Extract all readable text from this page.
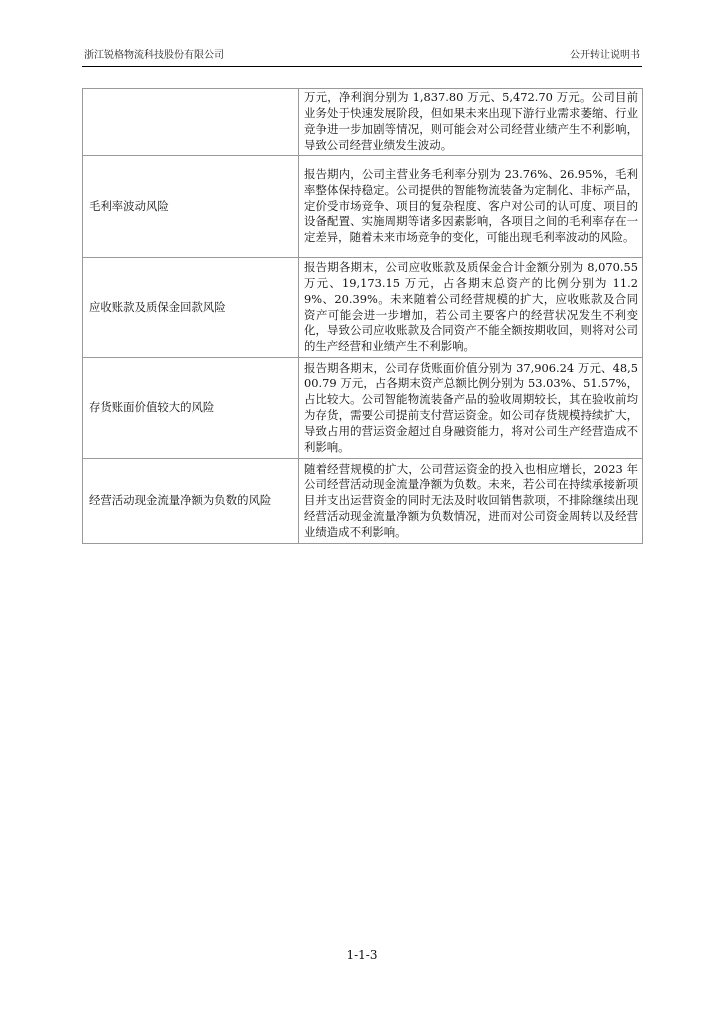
浙江锐格物流科技股份有限公司	公开转让说明书
	万元，净利润分别为 1,837.80 万元、5,472.70 万元。公司目前业务处于快速发展阶段，但如果未来出现下游行业需求萎缩、行业竞争进一步加剧等情况，则可能会对公司经营业绩产生不利影响，导致公司经营业绩发生波动。
毛利率波动风险	报告期内，公司主营业务毛利率分别为 23.76%、26.95%，毛利率整体保持稳定。公司提供的智能物流装备为定制化、非标产品，定价受市场竞争、项目的复杂程度、客户对公司的认可度、项目的设备配置、实施周期等诸多因素影响，各项目之间的毛利率存在一定差异，随着未来市场竞争的变化，可能出现毛利率波动的风险。
应收账款及质保金回款风险	报告期各期末，公司应收账款及质保金合计金额分别为 8,070.55 万元、19,173.15 万元，占各期末总资产的比例分别为 11.29%、20.39%。未来随着公司经营规模的扩大，应收账款及合同资产可能会进一步增加，若公司主要客户的经营状况发生不利变化，导致公司应收账款及合同资产不能全额按期收回，则将对公司的生产经营和业绩产生不利影响。
存货账面价值较大的风险	报告期各期末，公司存货账面价值分别为 37,906.24 万元、48,500.79 万元，占各期末资产总额比例分别为 53.03%、51.57%，占比较大。公司智能物流装备产品的验收周期较长，其在验收前均为存货，需要公司提前支付营运资金。如公司存货规模持续扩大，导致占用的营运资金超过自身融资能力，将对公司生产经营造成不利影响。
经营活动现金流量净额为负数的风险	随着经营规模的扩大，公司营运资金的投入也相应增长，2023 年公司经营活动现金流量净额为负数。未来，若公司在持续承接新项目并支出运营资金的同时无法及时收回销售款项，不排除继续出现经营活动现金流量净额为负数情况，进而对公司资金周转以及经营业绩造成不利影响。
1-1-3
